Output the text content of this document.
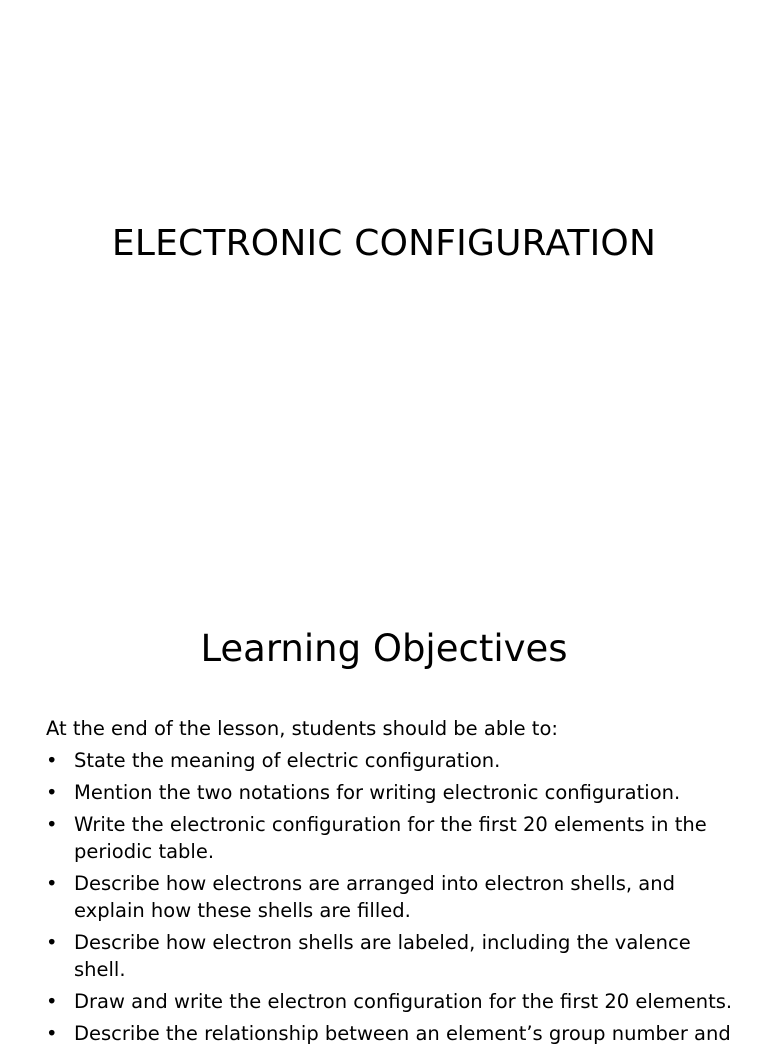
ELECTRONIC CONFIGURATION
Learning Objectives

At the end of the lesson, students should be able to:

• State the meaning of electric configuration.
• Mention the two notations for writing electronic configuration.
• Write the electronic configuration for the first 20 elements in the periodic table.
• Describe how electrons are arranged into electron shells, and explain how these shells are filled.
• Describe how electron shells are labeled, including the valence shell.
• Draw and write the electron configuration for the first 20 elements.
• Describe the relationship between an element’s group number and
